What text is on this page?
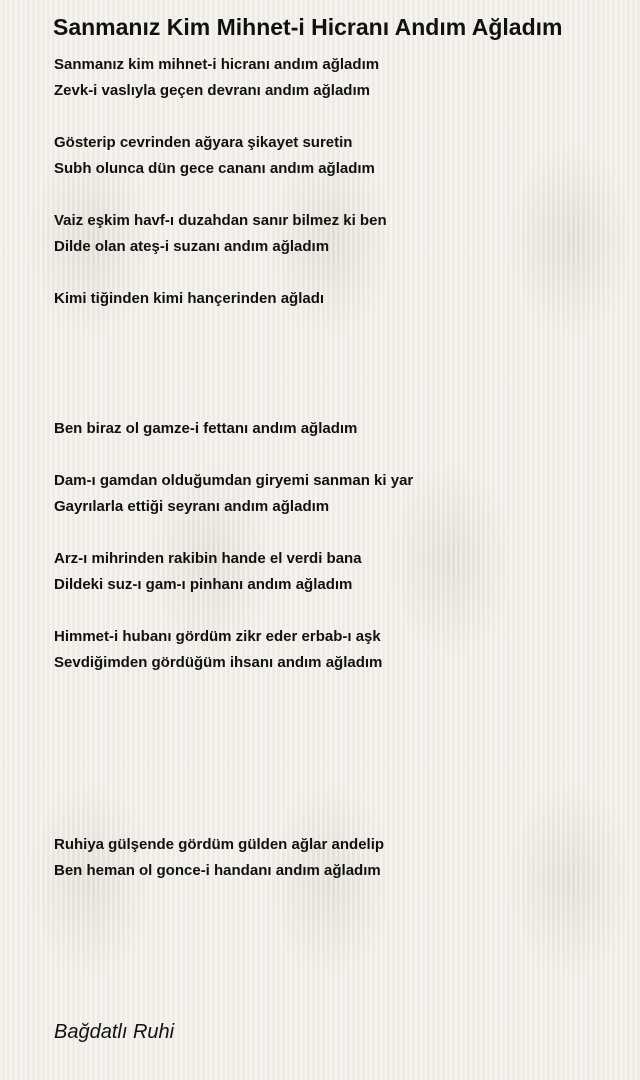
Sanmanız Kim Mihnet-i Hicranı Andım Ağladım
Sanmanız kim mihnet-i hicranı andım ağladım
Zevk-i vaslıyla geçen devranı andım ağladım
Gösterip cevrinden ağyara şikayet suretin
Subh olunca dün gece cananı andım ağladım
Vaiz eşkim havf-ı duzahdan sanır bilmez ki ben
Dilde olan ateş-i suzanı andım ağladım
Kimi tiğinden kimi hançerinden ağladı
Ben biraz ol gamze-i fettanı andım ağladım
Dam-ı gamdan olduğumdan giryemi sanman ki yar
Gayrılarla ettiği seyranı andım ağladım
Arz-ı mihrinden rakibin hande el verdi bana
Dildeki suz-ı gam-ı pinhanı andım ağladım
Himmet-i hubanı gördüm zikr eder erbab-ı aşk
Sevdiğimden gördüğüm ihsanı andım ağladım
Ruhiya gülşende gördüm gülden ağlar andelip
Ben heman ol gonce-i handanı andım ağladım
Bağdatlı Ruhi
